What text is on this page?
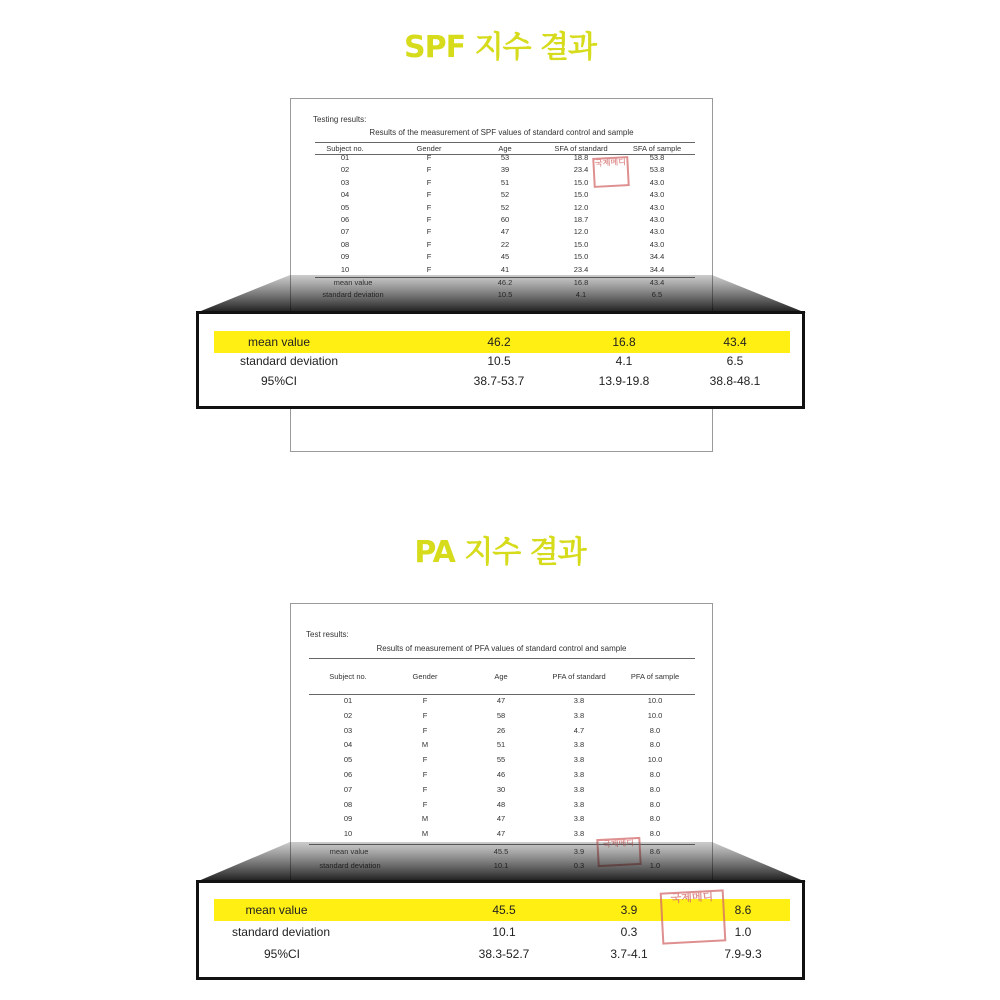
SPF 지수 결과
Testing results:
Results of the measurement of SPF values of standard control and sample
Subject no.	Gender	Age	SFA of standard	SFA of sample
01	F	53	18.8	53.8
02	F	39	23.4	53.8
03	F	51	15.0	43.0
04	F	52	15.0	43.0
05	F	52	12.0	43.0
06	F	60	18.7	43.0
07	F	47	12.0	43.0
08	F	22	15.0	43.0
09	F	45	15.0	34.4
10	F	41	23.4	34.4
국제메디
mean value	46.2	16.8	43.4
standard deviation	10.5	4.1	6.5
95%CI	38.7-53.7	13.9-19.8	38.8-48.1
PA 지수 결과
Test results:
Results of measurement of PFA values of standard control and sample
Subject no.	Gender	Age	PFA of standard	PFA of sample
01	F	47	3.8	10.0
02	F	58	3.8	10.0
03	F	26	4.7	8.0
04	M	51	3.8	8.0
05	F	55	3.8	10.0
06	F	46	3.8	8.0
07	F	30	3.8	8.0
08	F	48	3.8	8.0
09	M	47	3.8	8.0
10	M	47	3.8	8.0
mean value	45.5	3.9	8.6
standard deviation	10.1	0.3	1.0
95%CI	38.3-52.7	3.7-4.1	7.9-9.3
국제메디
